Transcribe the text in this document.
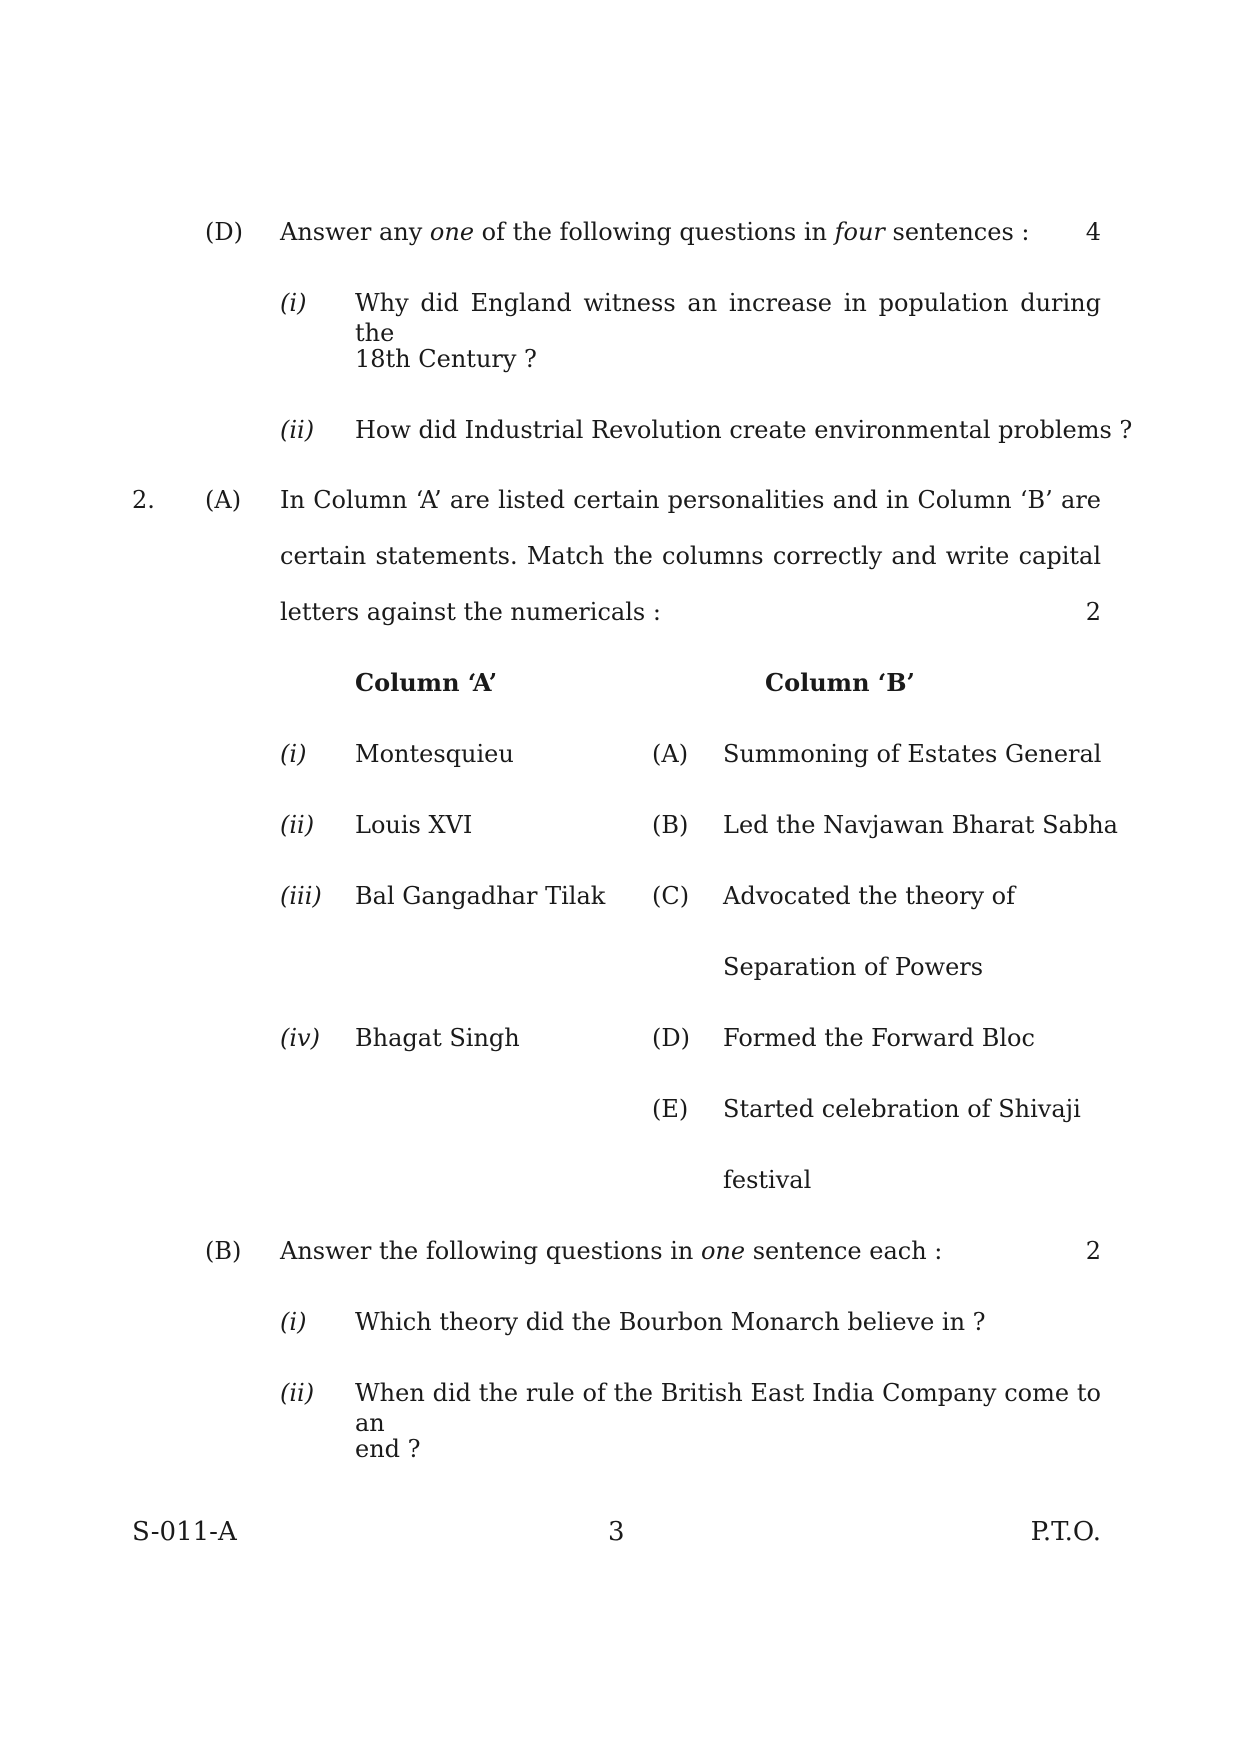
(D) Answer any one of the following questions in four sentences :	4
(i) Why did England witness an increase in population during the
18th Century ?
(ii) How did Industrial Revolution create environmental problems ?
2. (A) In Column ‘A’ are listed certain personalities and in Column ‘B’ are
certain statements. Match the columns correctly and write capital
letters against the numericals :	2
Column ‘A’	Column ‘B’
(i) Montesquieu	(A) Summoning of Estates General
(ii) Louis XVI	(B) Led the Navjawan Bharat Sabha
(iii) Bal Gangadhar Tilak (C) Advocated the theory of
Separation of Powers
(iv) Bhagat Singh	(D) Formed the Forward Bloc
(E) Started celebration of Shivaji
festival
(B) Answer the following questions in one sentence each :	2
(i) Which theory did the Bourbon Monarch believe in ?
(ii) When did the rule of the British East India Company come to an
end ?
S-011-A	3	P.T.O.
